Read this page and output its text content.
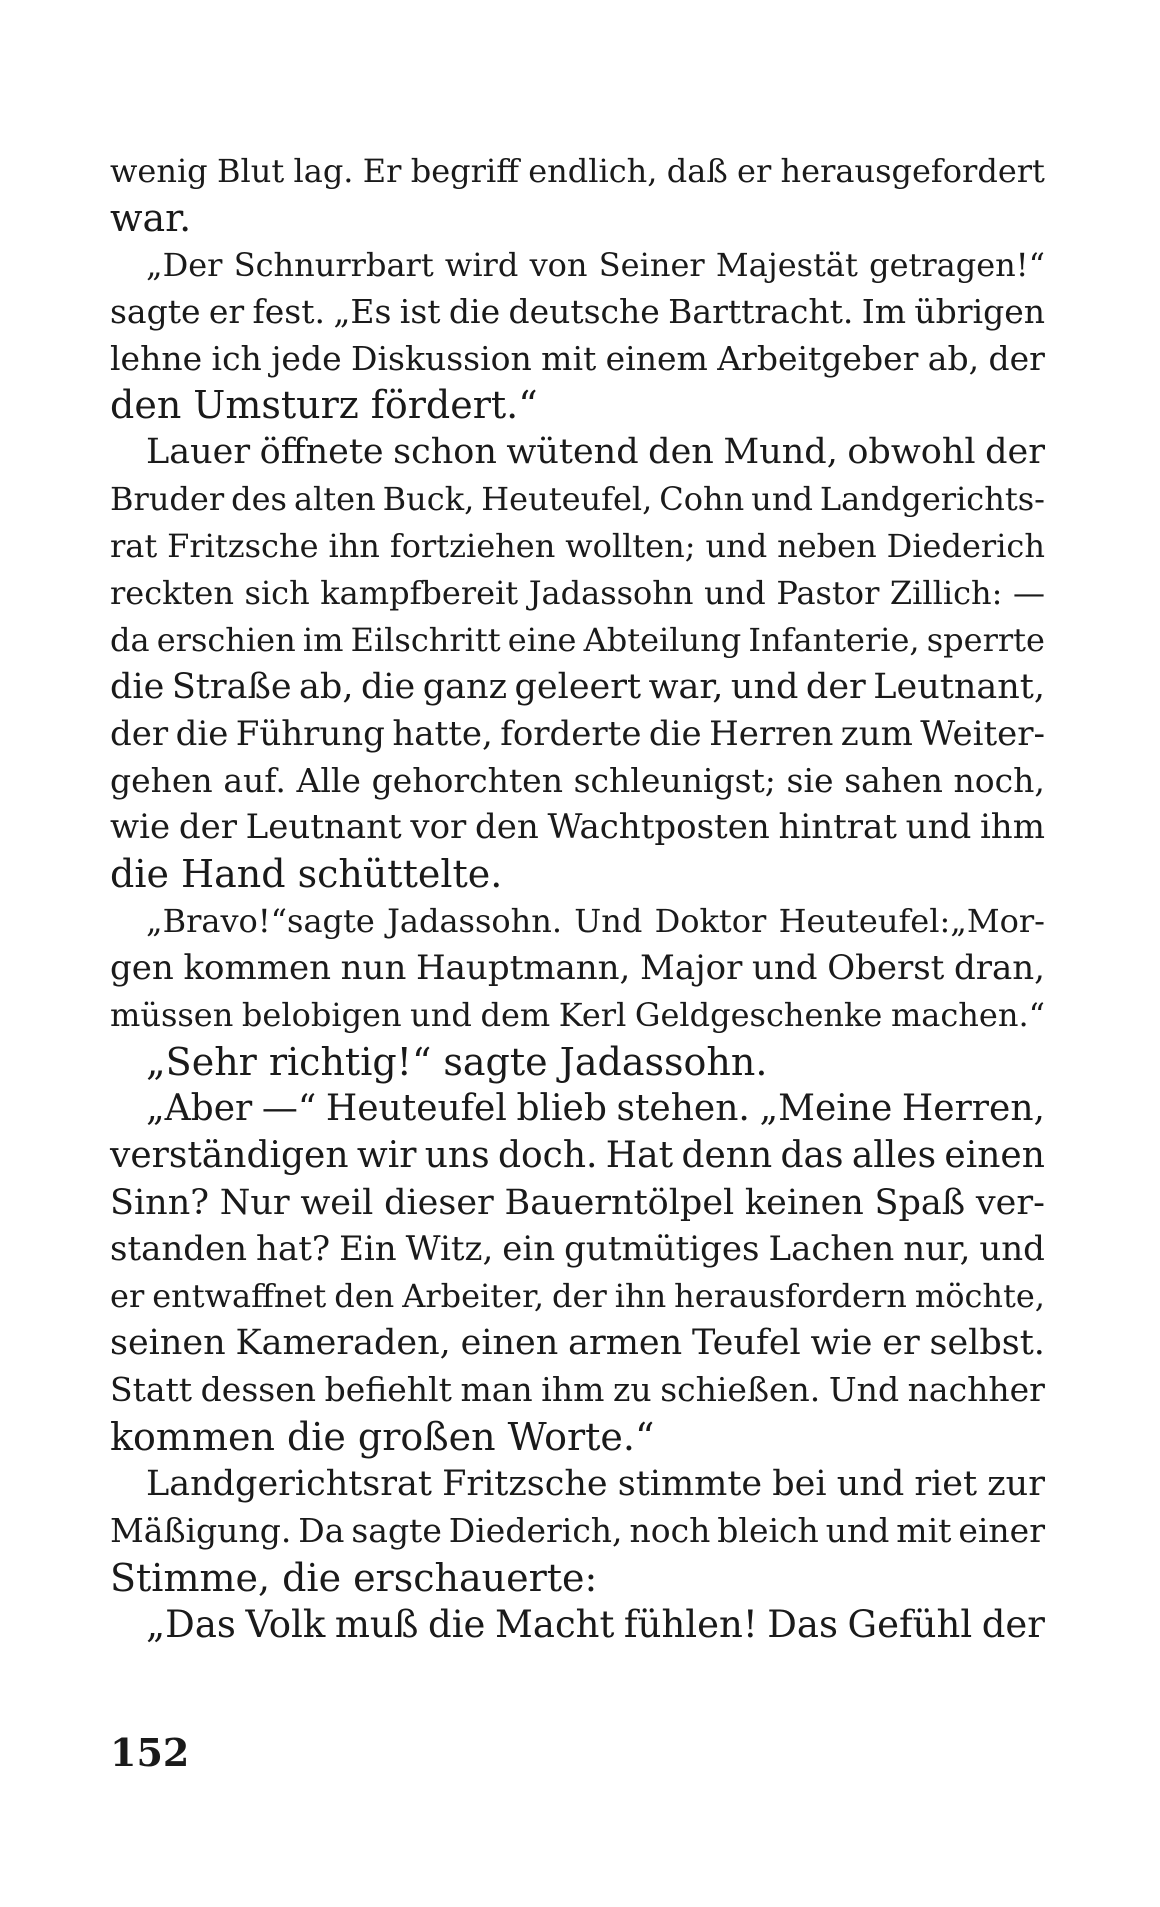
wenig Blut lag. Er begriff endlich, daß er herausgefordert
war.
„Der Schnurrbart wird von Seiner Majestät getragen!“
sagte er fest. „Es ist die deutsche Barttracht. Im übrigen
lehne ich jede Diskussion mit einem Arbeitgeber ab, der
den Umsturz fördert.“
Lauer öffnete schon wütend den Mund, obwohl der
Bruder des alten Buck, Heuteufel, Cohn und Landgerichts-
rat Fritzsche ihn fortziehen wollten; und neben Diederich
reckten sich kampfbereit Jadassohn und Pastor Zillich: —
da erschien im Eilschritt eine Abteilung Infanterie, sperrte
die Straße ab, die ganz geleert war, und der Leutnant,
der die Führung hatte, forderte die Herren zum Weiter-
gehen auf. Alle gehorchten schleunigst; sie sahen noch,
wie der Leutnant vor den Wachtposten hintrat und ihm
die Hand schüttelte.
„Bravo!“sagte Jadassohn. Und Doktor Heuteufel:„Mor-
gen kommen nun Hauptmann, Major und Oberst dran,
müssen belobigen und dem Kerl Geldgeschenke machen.“
„Sehr richtig!“ sagte Jadassohn.
„Aber —“ Heuteufel blieb stehen. „Meine Herren,
verständigen wir uns doch. Hat denn das alles einen
Sinn? Nur weil dieser Bauerntölpel keinen Spaß ver-
standen hat? Ein Witz, ein gutmütiges Lachen nur, und
er entwaffnet den Arbeiter, der ihn herausfordern möchte,
seinen Kameraden, einen armen Teufel wie er selbst.
Statt dessen befiehlt man ihm zu schießen. Und nachher
kommen die großen Worte.“
Landgerichtsrat Fritzsche stimmte bei und riet zur
Mäßigung. Da sagte Diederich, noch bleich und mit einer
Stimme, die erschauerte:
„Das Volk muß die Macht fühlen! Das Gefühl der
152
